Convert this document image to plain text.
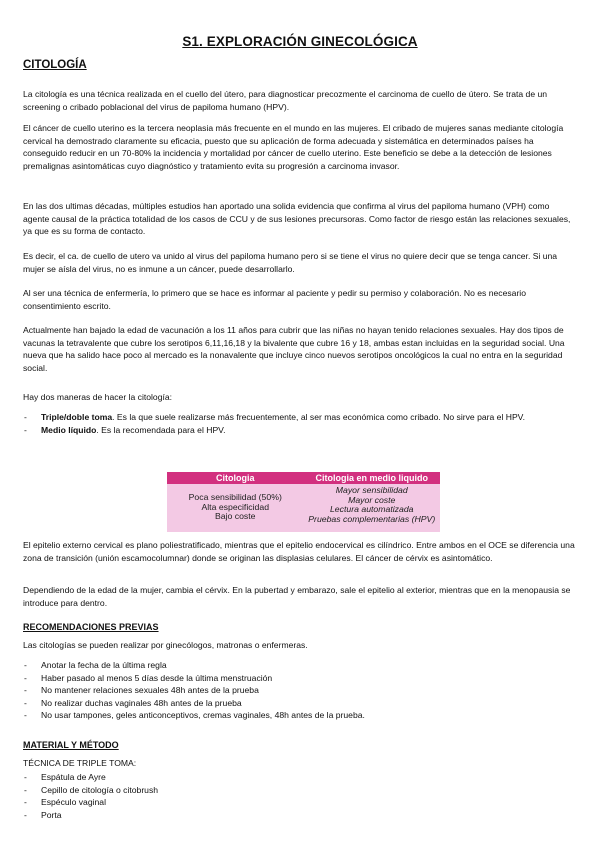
S1. EXPLORACIÓN GINECOLÓGICA
CITOLOGÍA
La citología es una técnica realizada en el cuello del útero, para diagnosticar precozmente el carcinoma de cuello de útero. Se trata de un screening o cribado poblacional del virus de papiloma humano (HPV).
El cáncer de cuello uterino es la tercera neoplasia más frecuente en el mundo en las mujeres. El cribado de mujeres sanas mediante citología cervical ha demostrado claramente su eficacia, puesto que su aplicación de forma adecuada y sistemática en determinados países ha conseguido reducir en un 70-80% la incidencia y mortalidad por cáncer de cuello uterino. Este beneficio se debe a la detección de lesiones premalignas asintomáticas cuyo diagnóstico y tratamiento evita su progresión a carcinoma invasor.
En las dos ultimas décadas, múltiples estudios han aportado una solida evidencia que confirma al virus del papiloma humano (VPH) como agente causal de la práctica totalidad de los casos de CCU y de sus lesiones precursoras. Como factor de riesgo están las relaciones sexuales, ya que es su forma de contacto.
Es decir, el ca. de cuello de utero va unido al virus del papiloma humano pero si se tiene el virus no quiere decir que se tenga cancer. Si una mujer se aísla del virus, no es inmune a un cáncer, puede desarrollarlo.
Al ser una técnica de enfermería, lo primero que se hace es informar al paciente y pedir su permiso y colaboración. No es necesario consentimiento escrito.
Actualmente han bajado la edad de vacunación a los 11 años para cubrir que las niñas no hayan tenido relaciones sexuales. Hay dos tipos de vacunas la tetravalente que cubre los serotipos 6,11,16,18 y la bivalente que cubre 16 y 18, ambas estan incluidas en la seguridad social. Una nueva que ha salido hace poco al mercado es la nonavalente que incluye cinco nuevos serotipos oncológicos la cual no entra en la seguridad social.
Hay dos maneras de hacer la citología:
- Triple/doble toma. Es la que suele realizarse más frecuentemente, al ser mas económica como cribado. No sirve para el HPV.
- Medio líquido. Es la recomendada para el HPV.
Citologia	Citologia en medio liquido
Poca sensibilidad (50%)
Alta especificidad
Bajo coste
Mayor sensibilidad
Mayor coste
Lectura automatizada
Pruebas complementarias (HPV)
El epitelio externo cervical es plano poliestratificado, mientras que el epitelio endocervical es cilíndrico. Entre ambos en el OCE se diferencia una zona de transición (unión escamocolumnar) donde se originan las displasias celulares. El cáncer de cérvix es asintomático.
Dependiendo de la edad de la mujer, cambia el cérvix. En la pubertad y embarazo, sale el epitelio al exterior, mientras que en la menopausia se introduce para dentro.
RECOMENDACIONES PREVIAS
Las citologías se pueden realizar por ginecólogos, matronas o enfermeras.
- Anotar la fecha de la última regla
- Haber pasado al menos 5 días desde la última menstruación
- No mantener relaciones sexuales 48h antes de la prueba
- No realizar duchas vaginales 48h antes de la prueba
- No usar tampones, geles anticonceptivos, cremas vaginales, 48h antes de la prueba.
MATERIAL Y MÉTODO
TÉCNICA DE TRIPLE TOMA:
- Espátula de Ayre
- Cepillo de citología o citobrush
- Espéculo vaginal
- Porta
